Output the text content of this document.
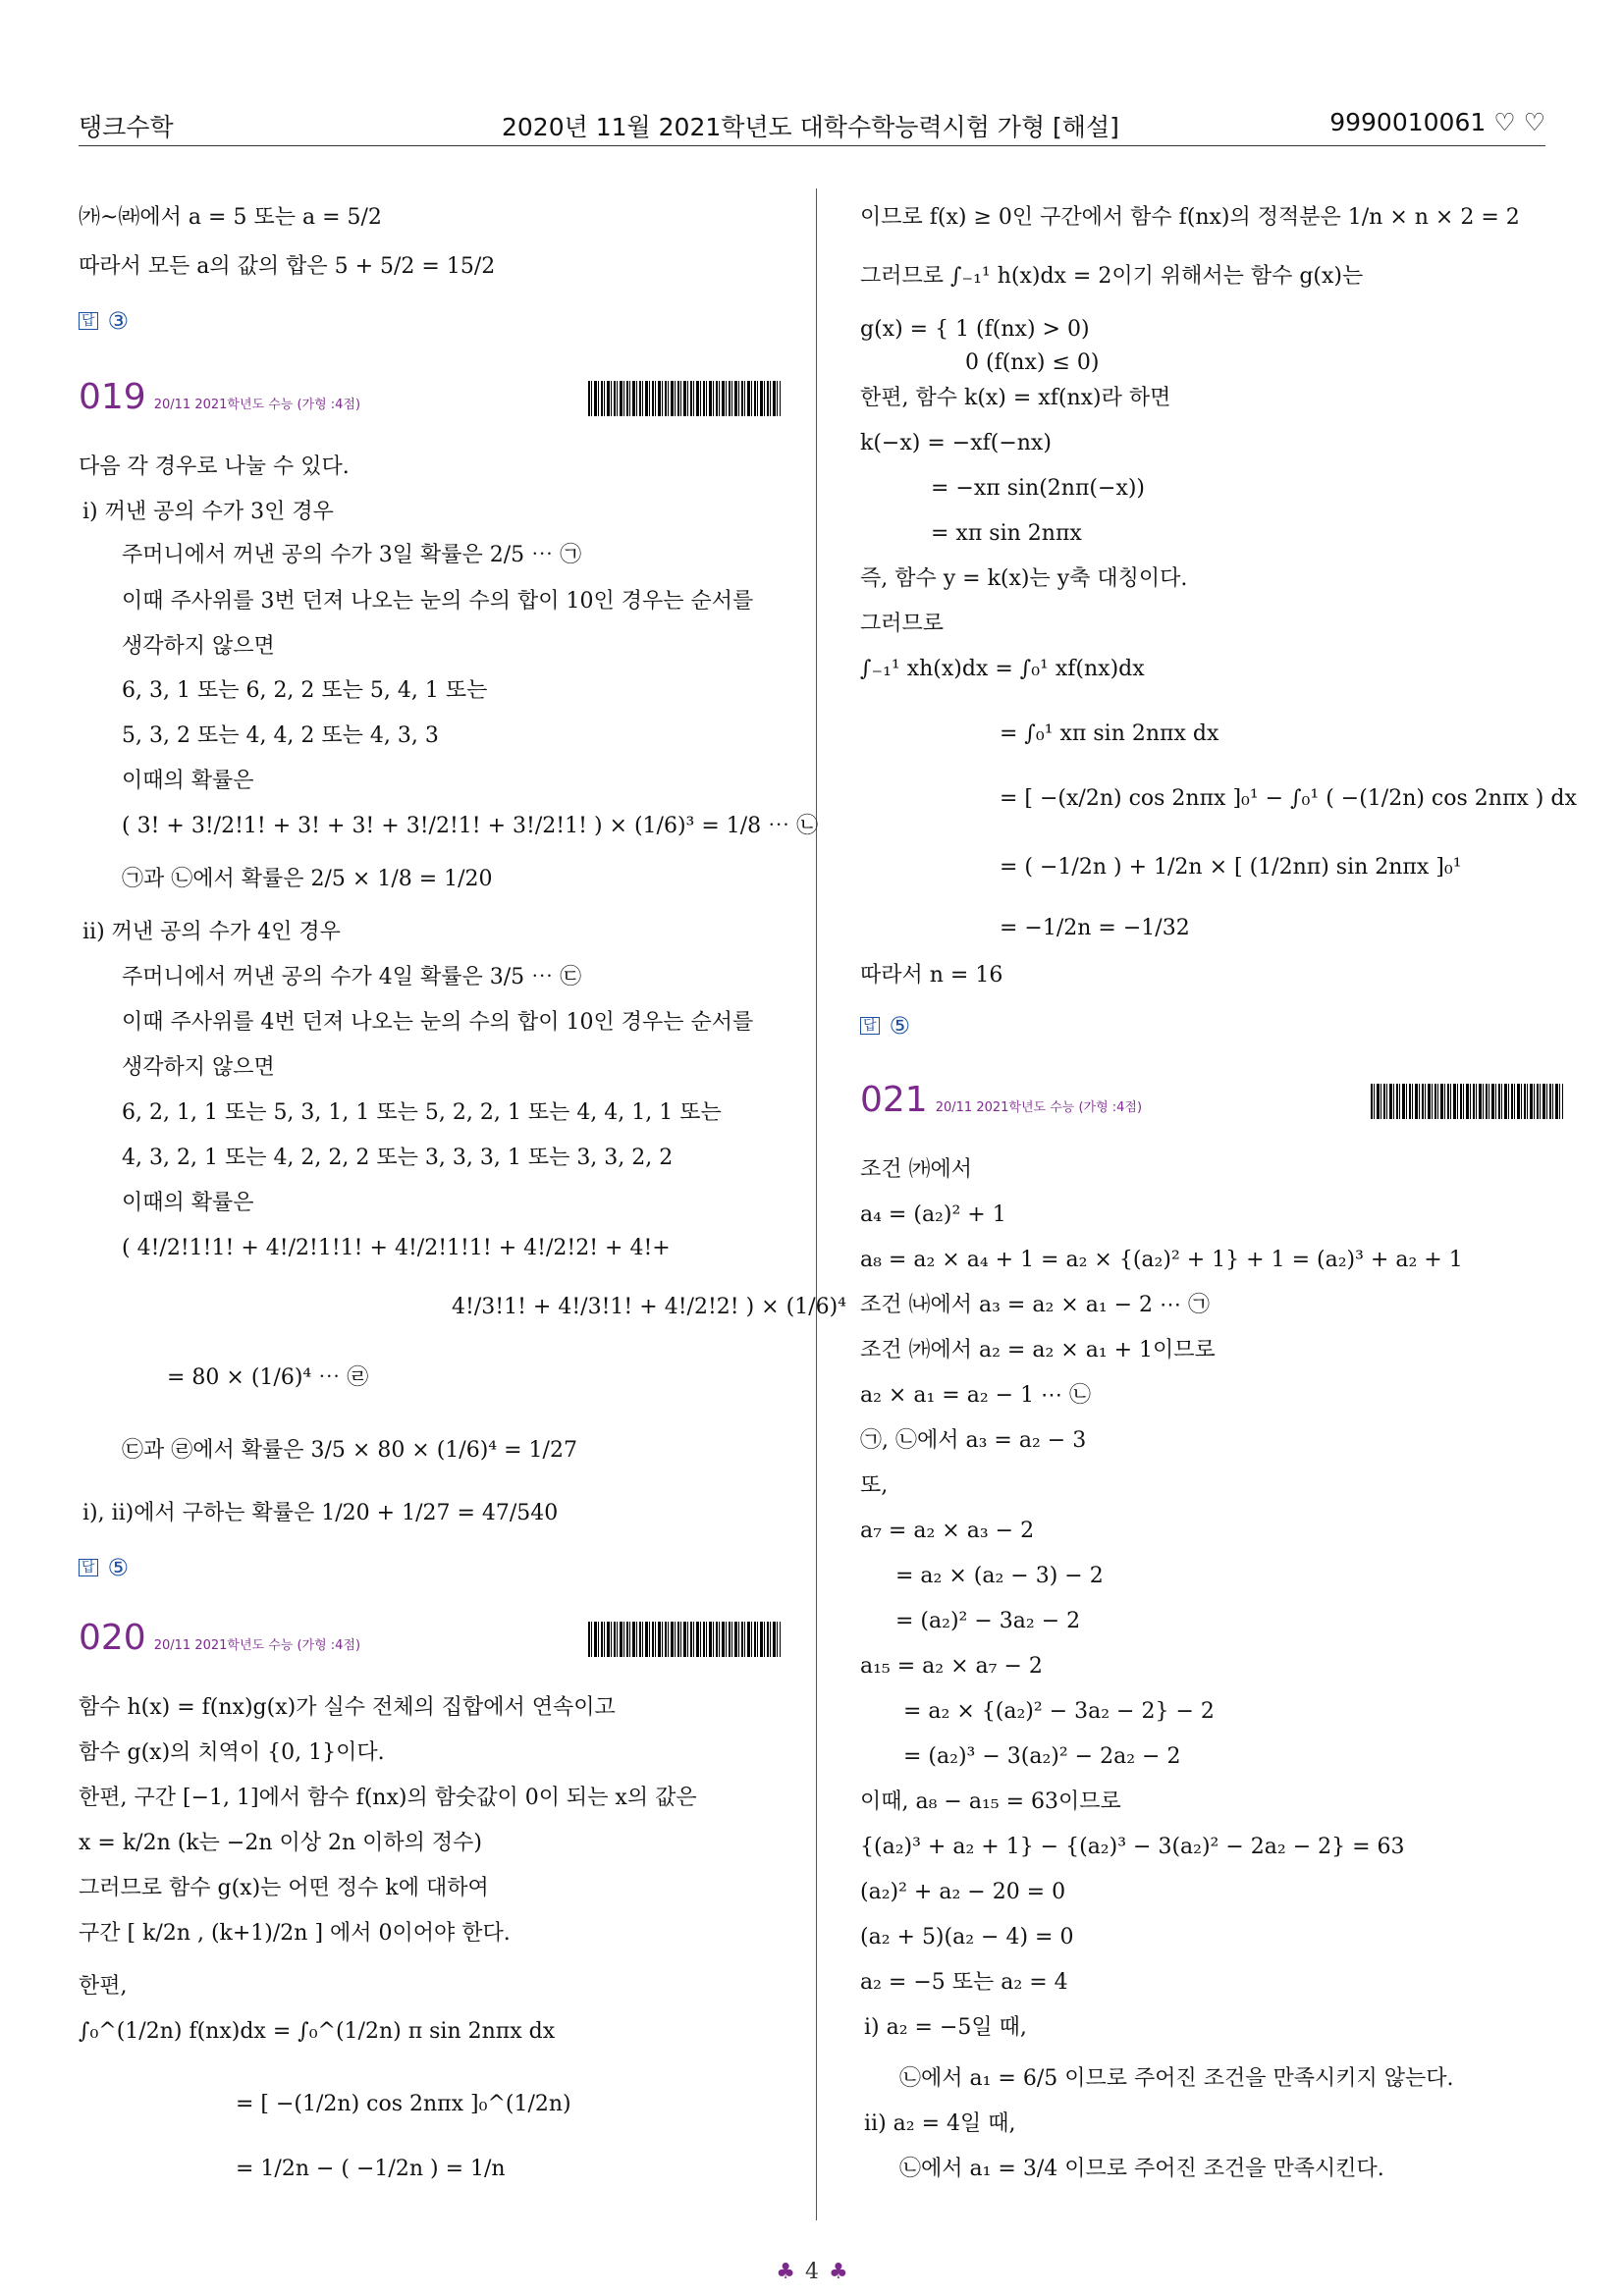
탱크수학	2020년 11월 2021학년도 대학수학능력시험 가형 [해설]	9990010061 ♡ ♡
㈎~㈑에서 a = 5 또는 a = 5/2
따라서 모든 a의 값의 합은 5 + 5/2 = 15/2
답 ③
019 20/11 2021학년도 수능 (가형 :4점)
다음 각 경우로 나눌 수 있다.
ⅰ) 꺼낸 공의 수가 3인 경우
주머니에서 꺼낸 공의 수가 3일 확률은 2/5 ⋯ ㉠
이때 주사위를 3번 던져 나오는 눈의 수의 합이 10인 경우는 순서를
생각하지 않으면
6, 3, 1 또는 6, 2, 2 또는 5, 4, 1 또는
5, 3, 2 또는 4, 4, 2 또는 4, 3, 3
이때의 확률은
( 3! + 3!/2!1! + 3! + 3! + 3!/2!1! + 3!/2!1! ) × (1/6)³ = 1/8 ⋯ ㉡
㉠과 ㉡에서 확률은 2/5 × 1/8 = 1/20
ⅱ) 꺼낸 공의 수가 4인 경우
주머니에서 꺼낸 공의 수가 4일 확률은 3/5 ⋯ ㉢
이때 주사위를 4번 던져 나오는 눈의 수의 합이 10인 경우는 순서를
생각하지 않으면
6, 2, 1, 1 또는 5, 3, 1, 1 또는 5, 2, 2, 1 또는 4, 4, 1, 1 또는
4, 3, 2, 1 또는 4, 2, 2, 2 또는 3, 3, 3, 1 또는 3, 3, 2, 2
이때의 확률은
( 4!/2!1!1! + 4!/2!1!1! + 4!/2!1!1! + 4!/2!2! + 4!+
4!/3!1! + 4!/3!1! + 4!/2!2! ) × (1/6)⁴
= 80 × (1/6)⁴ ⋯ ㉣
㉢과 ㉣에서 확률은 3/5 × 80 × (1/6)⁴ = 1/27
ⅰ), ⅱ)에서 구하는 확률은 1/20 + 1/27 = 47/540
답 ⑤
020 20/11 2021학년도 수능 (가형 :4점)
함수 h(x) = f(nx)g(x)가 실수 전체의 집합에서 연속이고
함수 g(x)의 치역이 {0, 1}이다.
한편, 구간 [−1, 1]에서 함수 f(nx)의 함숫값이 0이 되는 x의 값은
x = k/2n (k는 −2n 이상 2n 이하의 정수)
그러므로 함수 g(x)는 어떤 정수 k에 대하여
구간 [ k/2n , (k+1)/2n ] 에서 0이어야 한다.
한편,
∫₀^(1/2n) f(nx)dx = ∫₀^(1/2n) π sin 2nπx dx
= [ −(1/2n) cos 2nπx ]₀^(1/2n)
= 1/2n − ( −1/2n ) = 1/n
이므로 f(x) ≥ 0인 구간에서 함수 f(nx)의 정적분은 1/n × n × 2 = 2
그러므로 ∫₋₁¹ h(x)dx = 2이기 위해서는 함수 g(x)는
g(x) = { 1 (f(nx) > 0)
0 (f(nx) ≤ 0)
한편, 함수 k(x) = xf(nx)라 하면
k(−x) = −xf(−nx)
= −xπ sin(2nπ(−x))
= xπ sin 2nπx
즉, 함수 y = k(x)는 y축 대칭이다.
그러므로
∫₋₁¹ xh(x)dx = ∫₀¹ xf(nx)dx
= ∫₀¹ xπ sin 2nπx dx
= [ −(x/2n) cos 2nπx ]₀¹ − ∫₀¹ ( −(1/2n) cos 2nπx ) dx
= ( −1/2n ) + 1/2n × [ (1/2nπ) sin 2nπx ]₀¹
= −1/2n = −1/32
따라서 n = 16
답 ⑤
021 20/11 2021학년도 수능 (가형 :4점)
조건 ㈎에서
a₄ = (a₂)² + 1
a₈ = a₂ × a₄ + 1 = a₂ × {(a₂)² + 1} + 1 = (a₂)³ + a₂ + 1
조건 ㈏에서 a₃ = a₂ × a₁ − 2 ⋯ ㉠
조건 ㈎에서 a₂ = a₂ × a₁ + 1이므로
a₂ × a₁ = a₂ − 1 ⋯ ㉡
㉠, ㉡에서 a₃ = a₂ − 3
또,
a₇ = a₂ × a₃ − 2
= a₂ × (a₂ − 3) − 2
= (a₂)² − 3a₂ − 2
a₁₅ = a₂ × a₇ − 2
= a₂ × {(a₂)² − 3a₂ − 2} − 2
= (a₂)³ − 3(a₂)² − 2a₂ − 2
이때, a₈ − a₁₅ = 63이므로
{(a₂)³ + a₂ + 1} − {(a₂)³ − 3(a₂)² − 2a₂ − 2} = 63
(a₂)² + a₂ − 20 = 0
(a₂ + 5)(a₂ − 4) = 0
a₂ = −5 또는 a₂ = 4
ⅰ) a₂ = −5일 때,
㉡에서 a₁ = 6/5 이므로 주어진 조건을 만족시키지 않는다.
ⅱ) a₂ = 4일 때,
㉡에서 a₁ = 3/4 이므로 주어진 조건을 만족시킨다.
♣ 4 ♣
